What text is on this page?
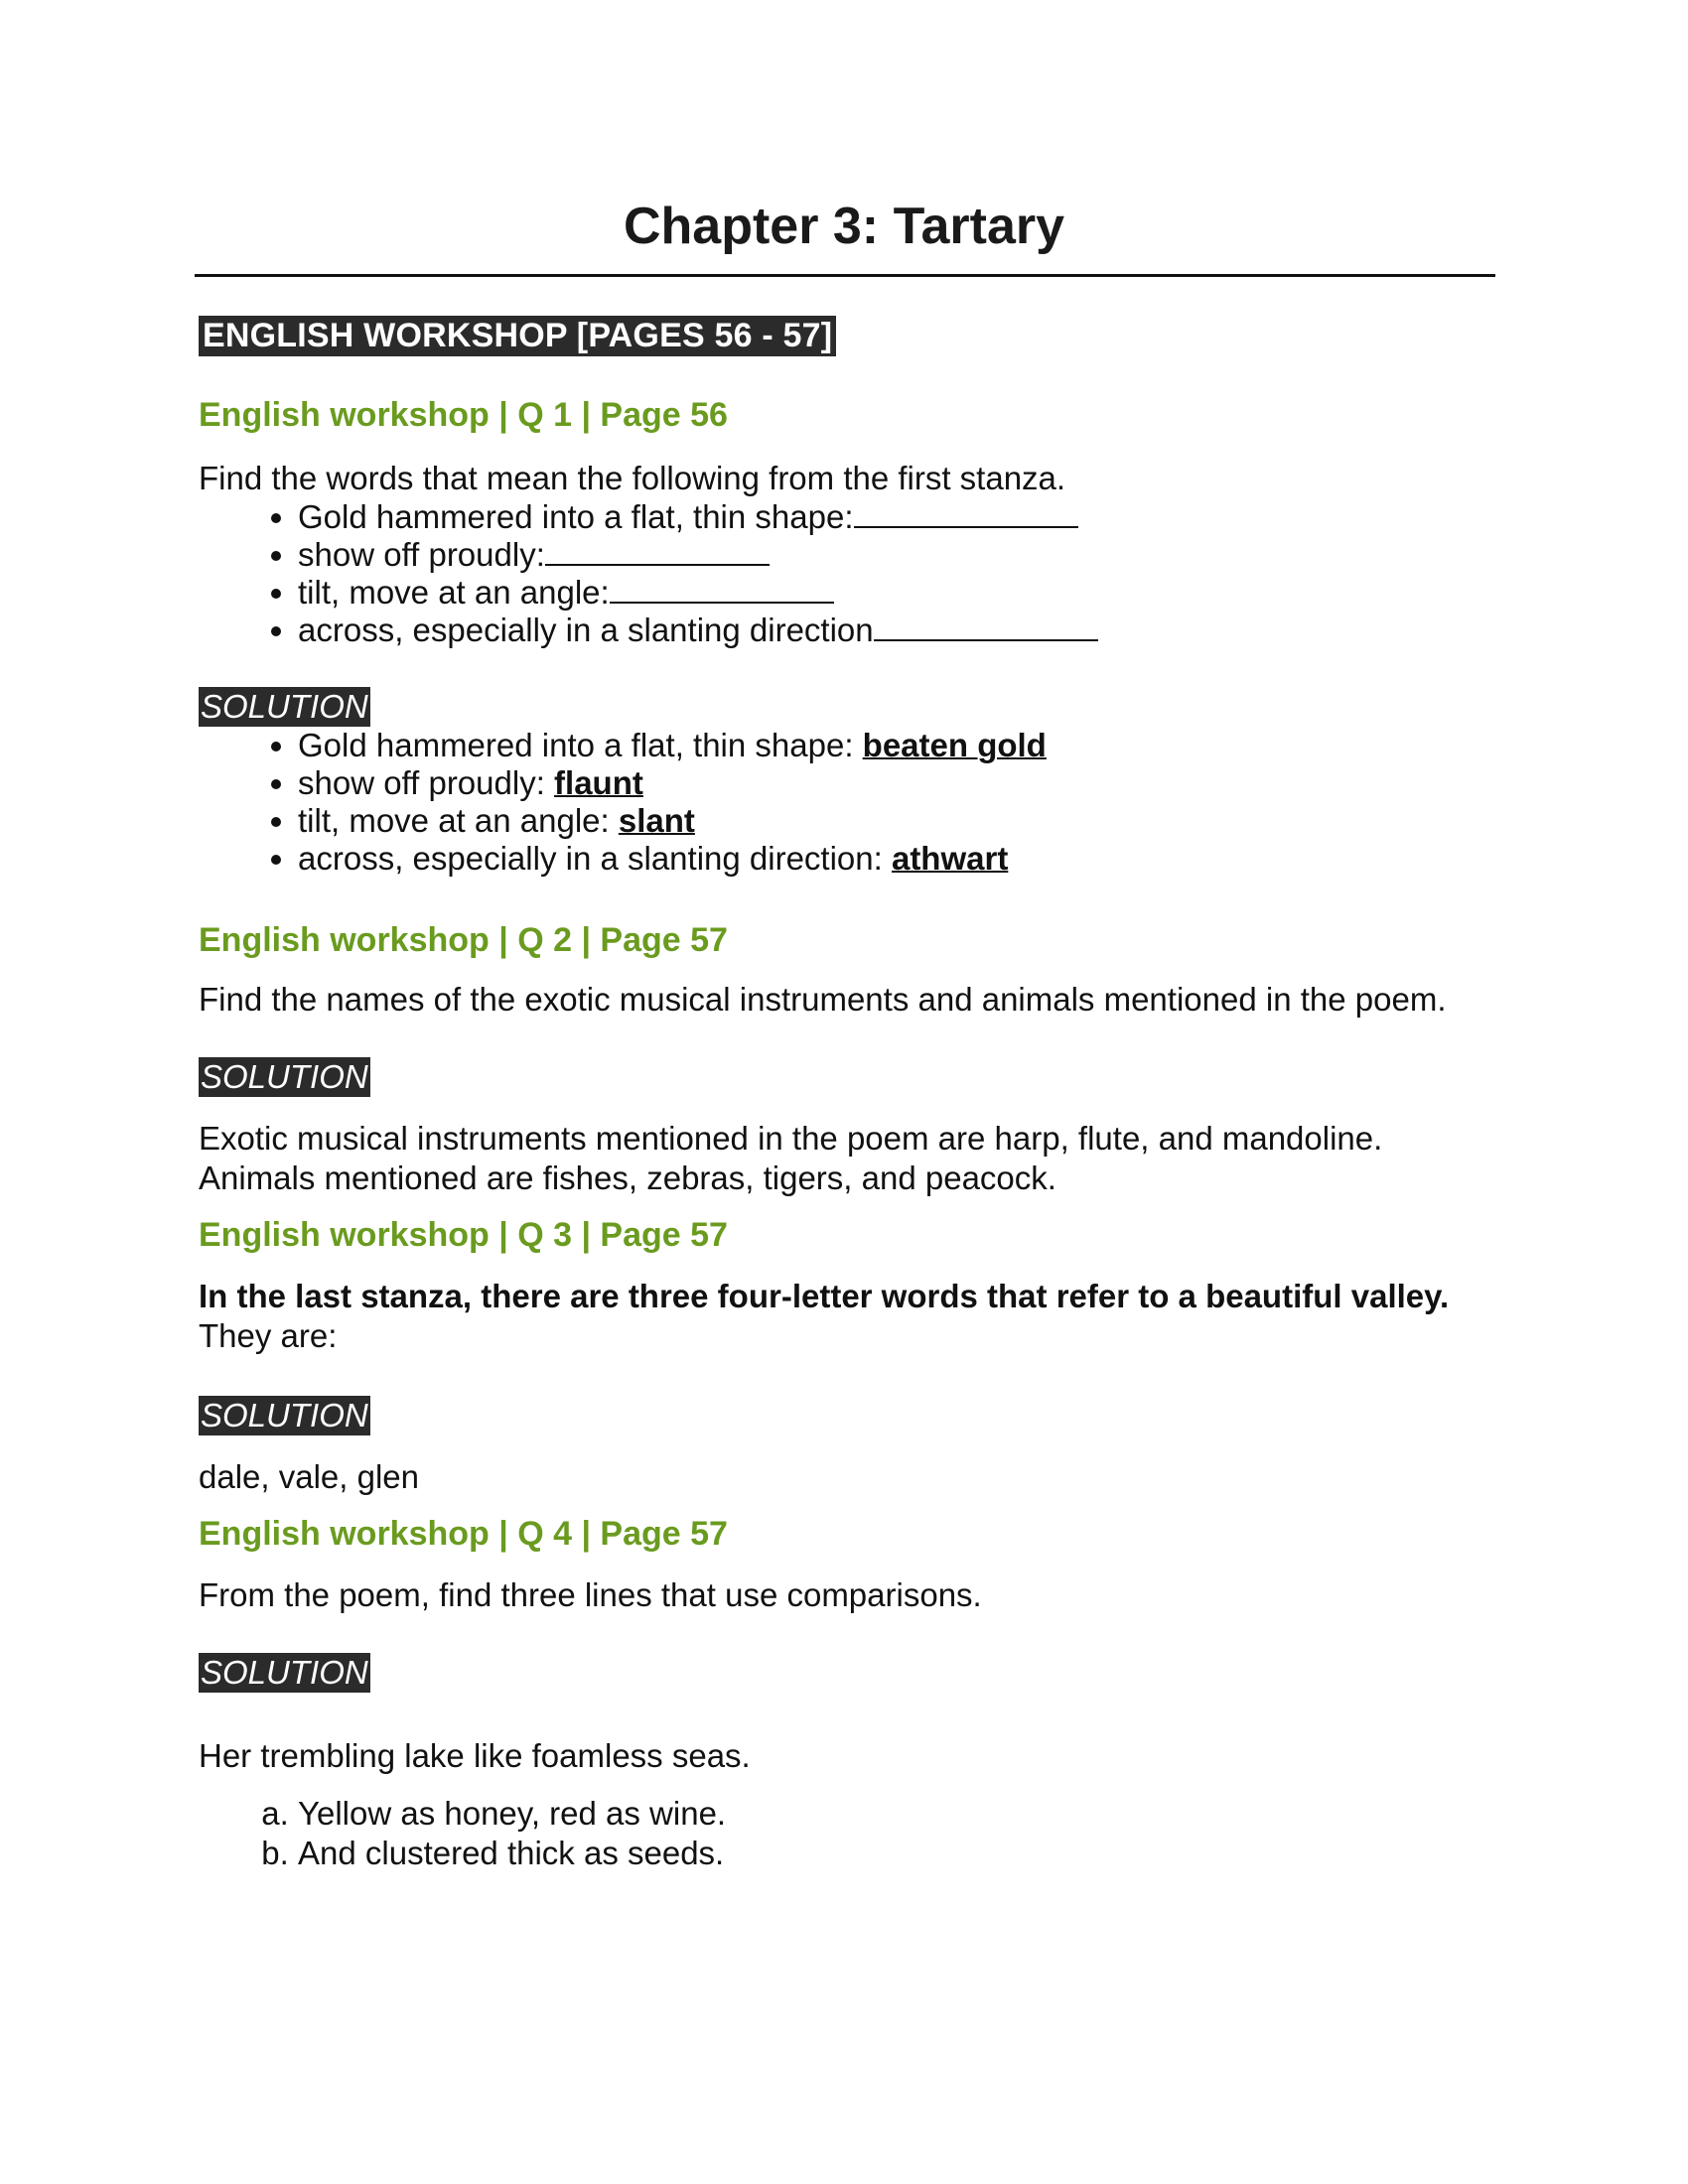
Chapter 3: Tartary
ENGLISH WORKSHOP [PAGES 56 - 57]
English workshop | Q 1 | Page 56

Find the words that mean the following from the first stanza.

• Gold hammered into a flat, thin shape:
• show off proudly:
• tilt, move at an angle:
• across, especially in a slanting direction
SOLUTION
• Gold hammered into a flat, thin shape: beaten gold
• show off proudly: flaunt
• tilt, move at an angle: slant
• across, especially in a slanting direction: athwart
English workshop | Q 2 | Page 57

Find the names of the exotic musical instruments and animals mentioned in the poem.

SOLUTION

Exotic musical instruments mentioned in the poem are harp, flute, and mandoline.

Animals mentioned are fishes, zebras, tigers, and peacock.

English workshop | Q 3 | Page 57

In the last stanza, there are three four-letter words that refer to a beautiful valley.

They are:

SOLUTION

dale, vale, glen

English workshop | Q 4 | Page 57

From the poem, find three lines that use comparisons.

SOLUTION

Her trembling lake like foamless seas.

a. Yellow as honey, red as wine.
b. And clustered thick as seeds.
